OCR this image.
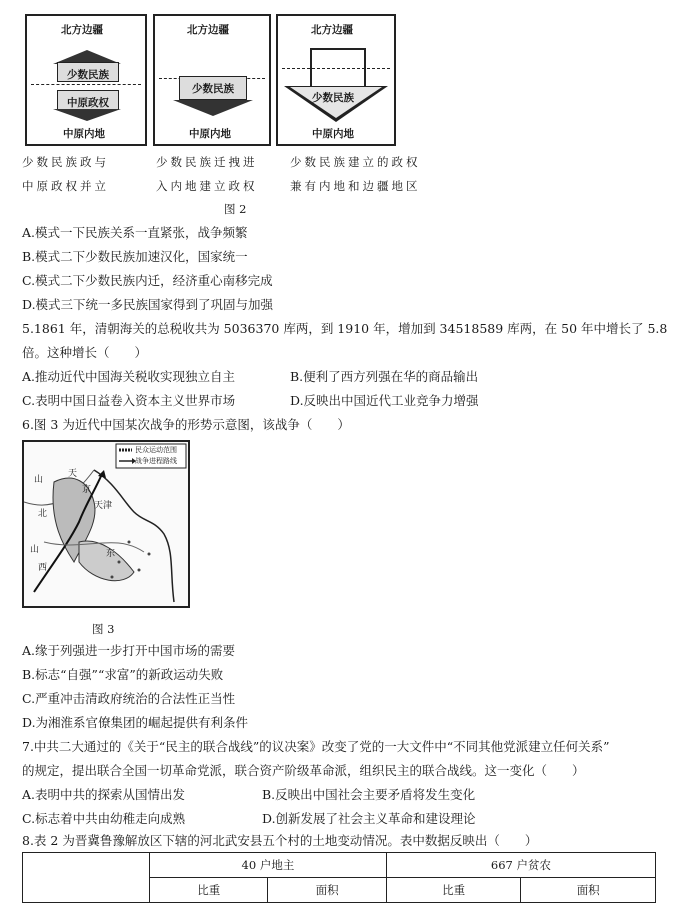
北方边疆
少数民族
中原政权
中原内地
北方边疆
少数民族
中原内地
北方边疆
少数民族
中原内地
少数民族政与
中原政权并立
少数民族迁拽进
入内地建立政权
少数民族建立的政权
兼有内地和边疆地区
图 2
A.模式一下民族关系一直紧张，战争频繁
B.模式二下少数民族加速汉化，国家统一
C.模式二下少数民族内迁，经济重心南移完成
D.模式三下统一多民族国家得到了巩固与加强
5.1861 年，清朝海关的总税收共为 5036370 库两，到 1910 年，增加到 34518589 库两，在 50 年中增长了 5.8
倍。这种增长（　　）
A.推动近代中国海关税收实现独立自主	B.便利了西方列强在华的商品输出
C.表明中国日益卷入资本主义世界市场	D.反映出中国近代工业竞争力增强
6.图 3 为近代中国某次战争的形势示意图，该战争（　　）
民众运动范围
战争进程路线
山
天
京
天津
北
山
西
东
图 3
A.缘于列强进一步打开中国市场的需要
B.标志“自强”“求富”的新政运动失败
C.严重冲击清政府统治的合法性正当性
D.为湘淮系官僚集团的崛起提供有利条件
7.中共二大通过的《关于“民主的联合战线”的议决案》改变了党的一大文件中“不同其他党派建立任何关系”
的规定，提出联合全国一切革命党派，联合资产阶级革命派，组织民主的联合战线。这一变化（　　）
A.表明中共的探索从国情出发	B.反映出中国社会主要矛盾将发生变化
C.标志着中共由幼稚走向成熟	D.创新发展了社会主义革命和建设理论
8.表 2 为晋冀鲁豫解放区下辖的河北武安县五个村的土地变动情况。表中数据反映出（　　）
	40 户地主		667 户贫农	
	比重	面积	比重	面积
